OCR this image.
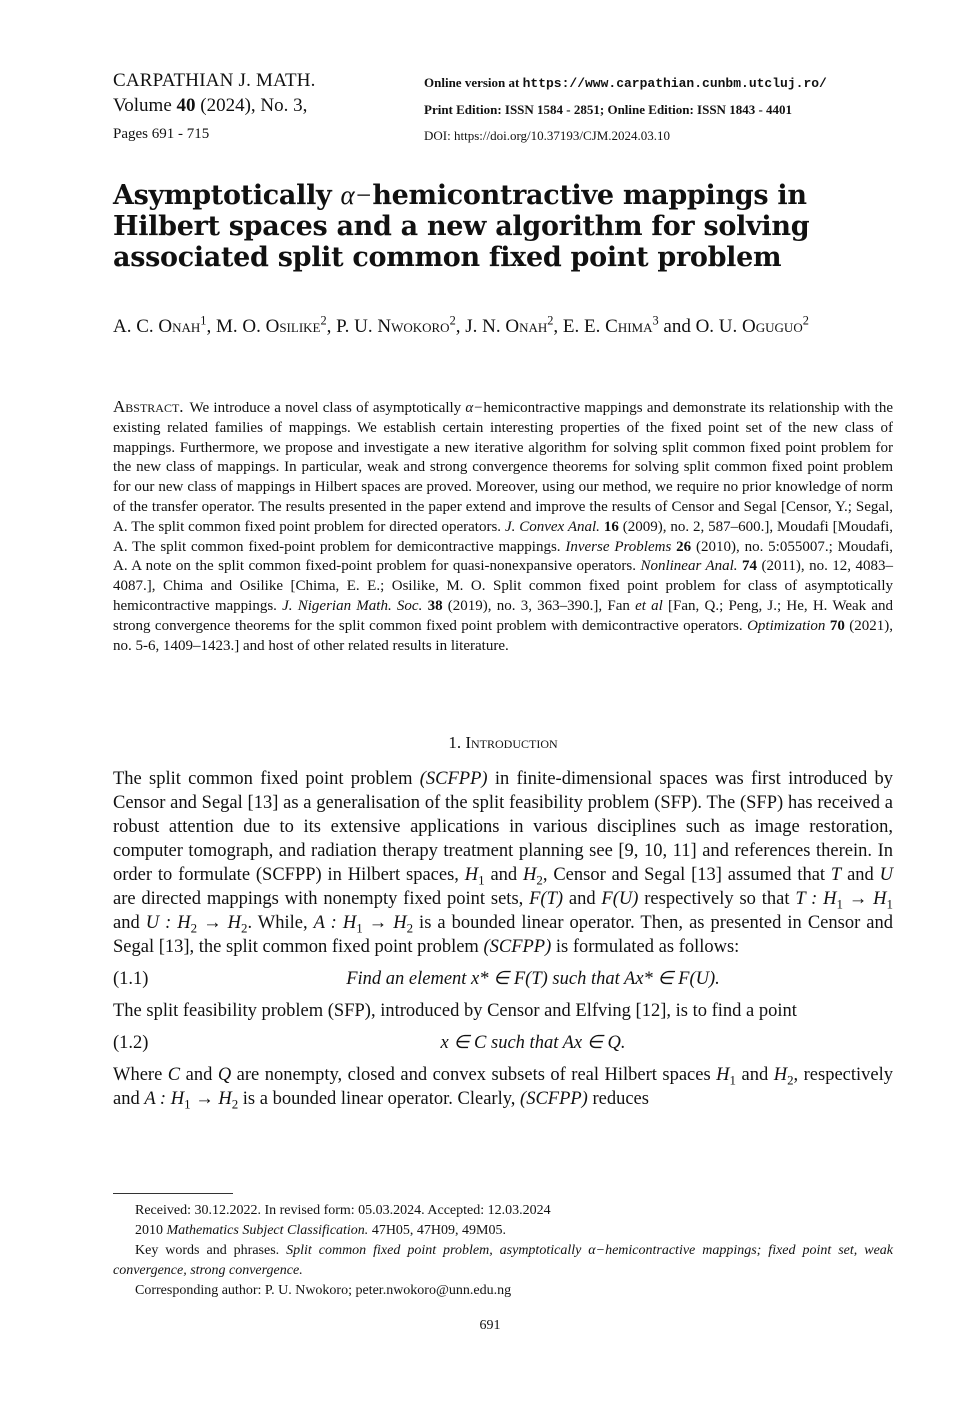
CARPATHIAN J. MATH.
Volume 40 (2024), No. 3,
Pages 691 - 715
Online version at https://www.carpathian.cunbm.utcluj.ro/
Print Edition: ISSN 1584 - 2851; Online Edition: ISSN 1843 - 4401
DOI: https://doi.org/10.37193/CJM.2024.03.10
Asymptotically α−hemicontractive mappings in Hilbert spaces and a new algorithm for solving associated split common fixed point problem
A. C. Onah$^1$, M. O. Osilike$^2$, P. U. Nwokoro$^2$, J. N. Onah$^2$, E. E. Chima$^3$ and O. U. Oguguo$^2$
Abstract. We introduce a novel class of asymptotically α−hemicontractive mappings and demonstrate its relationship with the existing related families of mappings. We establish certain interesting properties of the fixed point set of the new class of mappings. Furthermore, we propose and investigate a new iterative algorithm for solving split common fixed point problem for the new class of mappings. In particular, weak and strong convergence theorems for solving split common fixed point problem for our new class of mappings in Hilbert spaces are proved. Moreover, using our method, we require no prior knowledge of norm of the transfer operator. The results presented in the paper extend and improve the results of Censor and Segal [Censor, Y.; Segal, A. The split common fixed point problem for directed operators. J. Convex Anal. 16 (2009), no. 2, 587–600.], Moudafi [Moudafi, A. The split common fixed-point problem for demicontractive mappings. Inverse Problems 26 (2010), no. 5:055007.; Moudafi, A. A note on the split common fixed-point problem for quasi-nonexpansive operators. Nonlinear Anal. 74 (2011), no. 12, 4083–4087.], Chima and Osilike [Chima, E. E.; Osilike, M. O. Split common fixed point problem for class of asymptotically hemicontractive mappings. J. Nigerian Math. Soc. 38 (2019), no. 3, 363–390.], Fan et al [Fan, Q.; Peng, J.; He, H. Weak and strong convergence theorems for the split common fixed point problem with demicontractive operators. Optimization 70 (2021), no. 5-6, 1409–1423.] and host of other related results in literature.
1. Introduction

The split common fixed point problem (SCFPP) in finite-dimensional spaces was first introduced by Censor and Segal [13] as a generalisation of the split feasibility problem (SFP). The (SFP) has received a robust attention due to its extensive applications in various disciplines such as image restoration, computer tomograph, and radiation therapy treatment planning see [9, 10, 11] and references therein. In order to formulate (SCFPP) in Hilbert spaces, $H_1$ and $H_2$, Censor and Segal [13] assumed that T and U are directed mappings with nonempty fixed point sets, F(T) and F(U) respectively so that T : $H_1 \to H_1$ and U : $H_2 \to H_2$. While, A : $H_1 \to H_2$ is a bounded linear operator. Then, as presented in Censor and Segal [13], the split common fixed point problem (SCFPP) is formulated as follows:

(1.1)	Find an element x* ∈ F(T) such that Ax* ∈ F(U).

The split feasibility problem (SFP), introduced by Censor and Elfving [12], is to find a point

(1.2)	x ∈ C such that Ax ∈ Q.

Where C and Q are nonempty, closed and convex subsets of real Hilbert spaces $H_1$ and $H_2$, respectively and A : $H_1 \to H_2$ is a bounded linear operator. Clearly, (SCFPP) reduces

Received: 30.12.2022. In revised form: 05.03.2024. Accepted: 12.03.2024

2010 Mathematics Subject Classification. 47H05, 47H09, 49M05.

Key words and phrases. Split common fixed point problem, asymptotically α−hemicontractive mappings; fixed point set, weak convergence, strong convergence.

Corresponding author: P. U. Nwokoro; peter.nwokoro@unn.edu.ng

691
